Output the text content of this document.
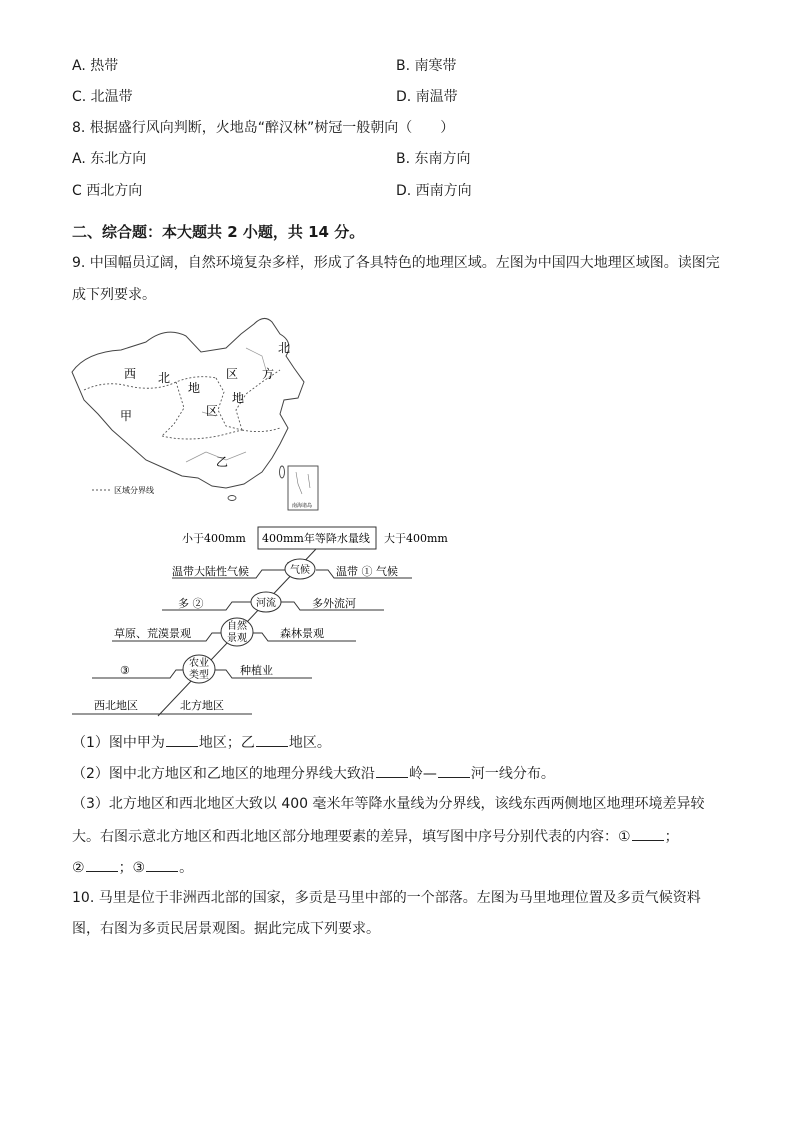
A. 热带	B. 南寒带
C. 北温带	D. 南温带
8. 根据盛行风向判断，火地岛“醉汉林”树冠一般朝向（　　）
A. 东北方向	B. 东南方向
C 西北方向	D. 西南方向
二、综合题：本大题共 2 小题，共 14 分。
9. 中国幅员辽阔，自然环境复杂多样，形成了各具特色的地理区域。左图为中国四大地理区域图。读图完
成下列要求。
南海诸岛
西 北
地
区
北
方
地
区
甲
乙
区域分界线
小于400mm 400mm年等降水量线 大于400mm
气候
温带大陆性气候	温带 ① 气候
河流
多 ②	多外流河
自然
景观
草原、荒漠景观	森林景观
农业
类型
③	种植业
西北地区	北方地区
（1）图中甲为 地区；乙 地区。
（2）图中北方地区和乙地区的地理分界线大致沿 岭— 河一线分布。
（3）北方地区和西北地区大致以 400 毫米年等降水量线为分界线，该线东西两侧地区地理环境差异较
大。右图示意北方地区和西北地区部分地理要素的差异，填写图中序号分别代表的内容：① ；
② ；③ 。
10. 马里是位于非洲西北部的国家，多贡是马里中部的一个部落。左图为马里地理位置及多贡气候资料
图，右图为多贡民居景观图。据此完成下列要求。
